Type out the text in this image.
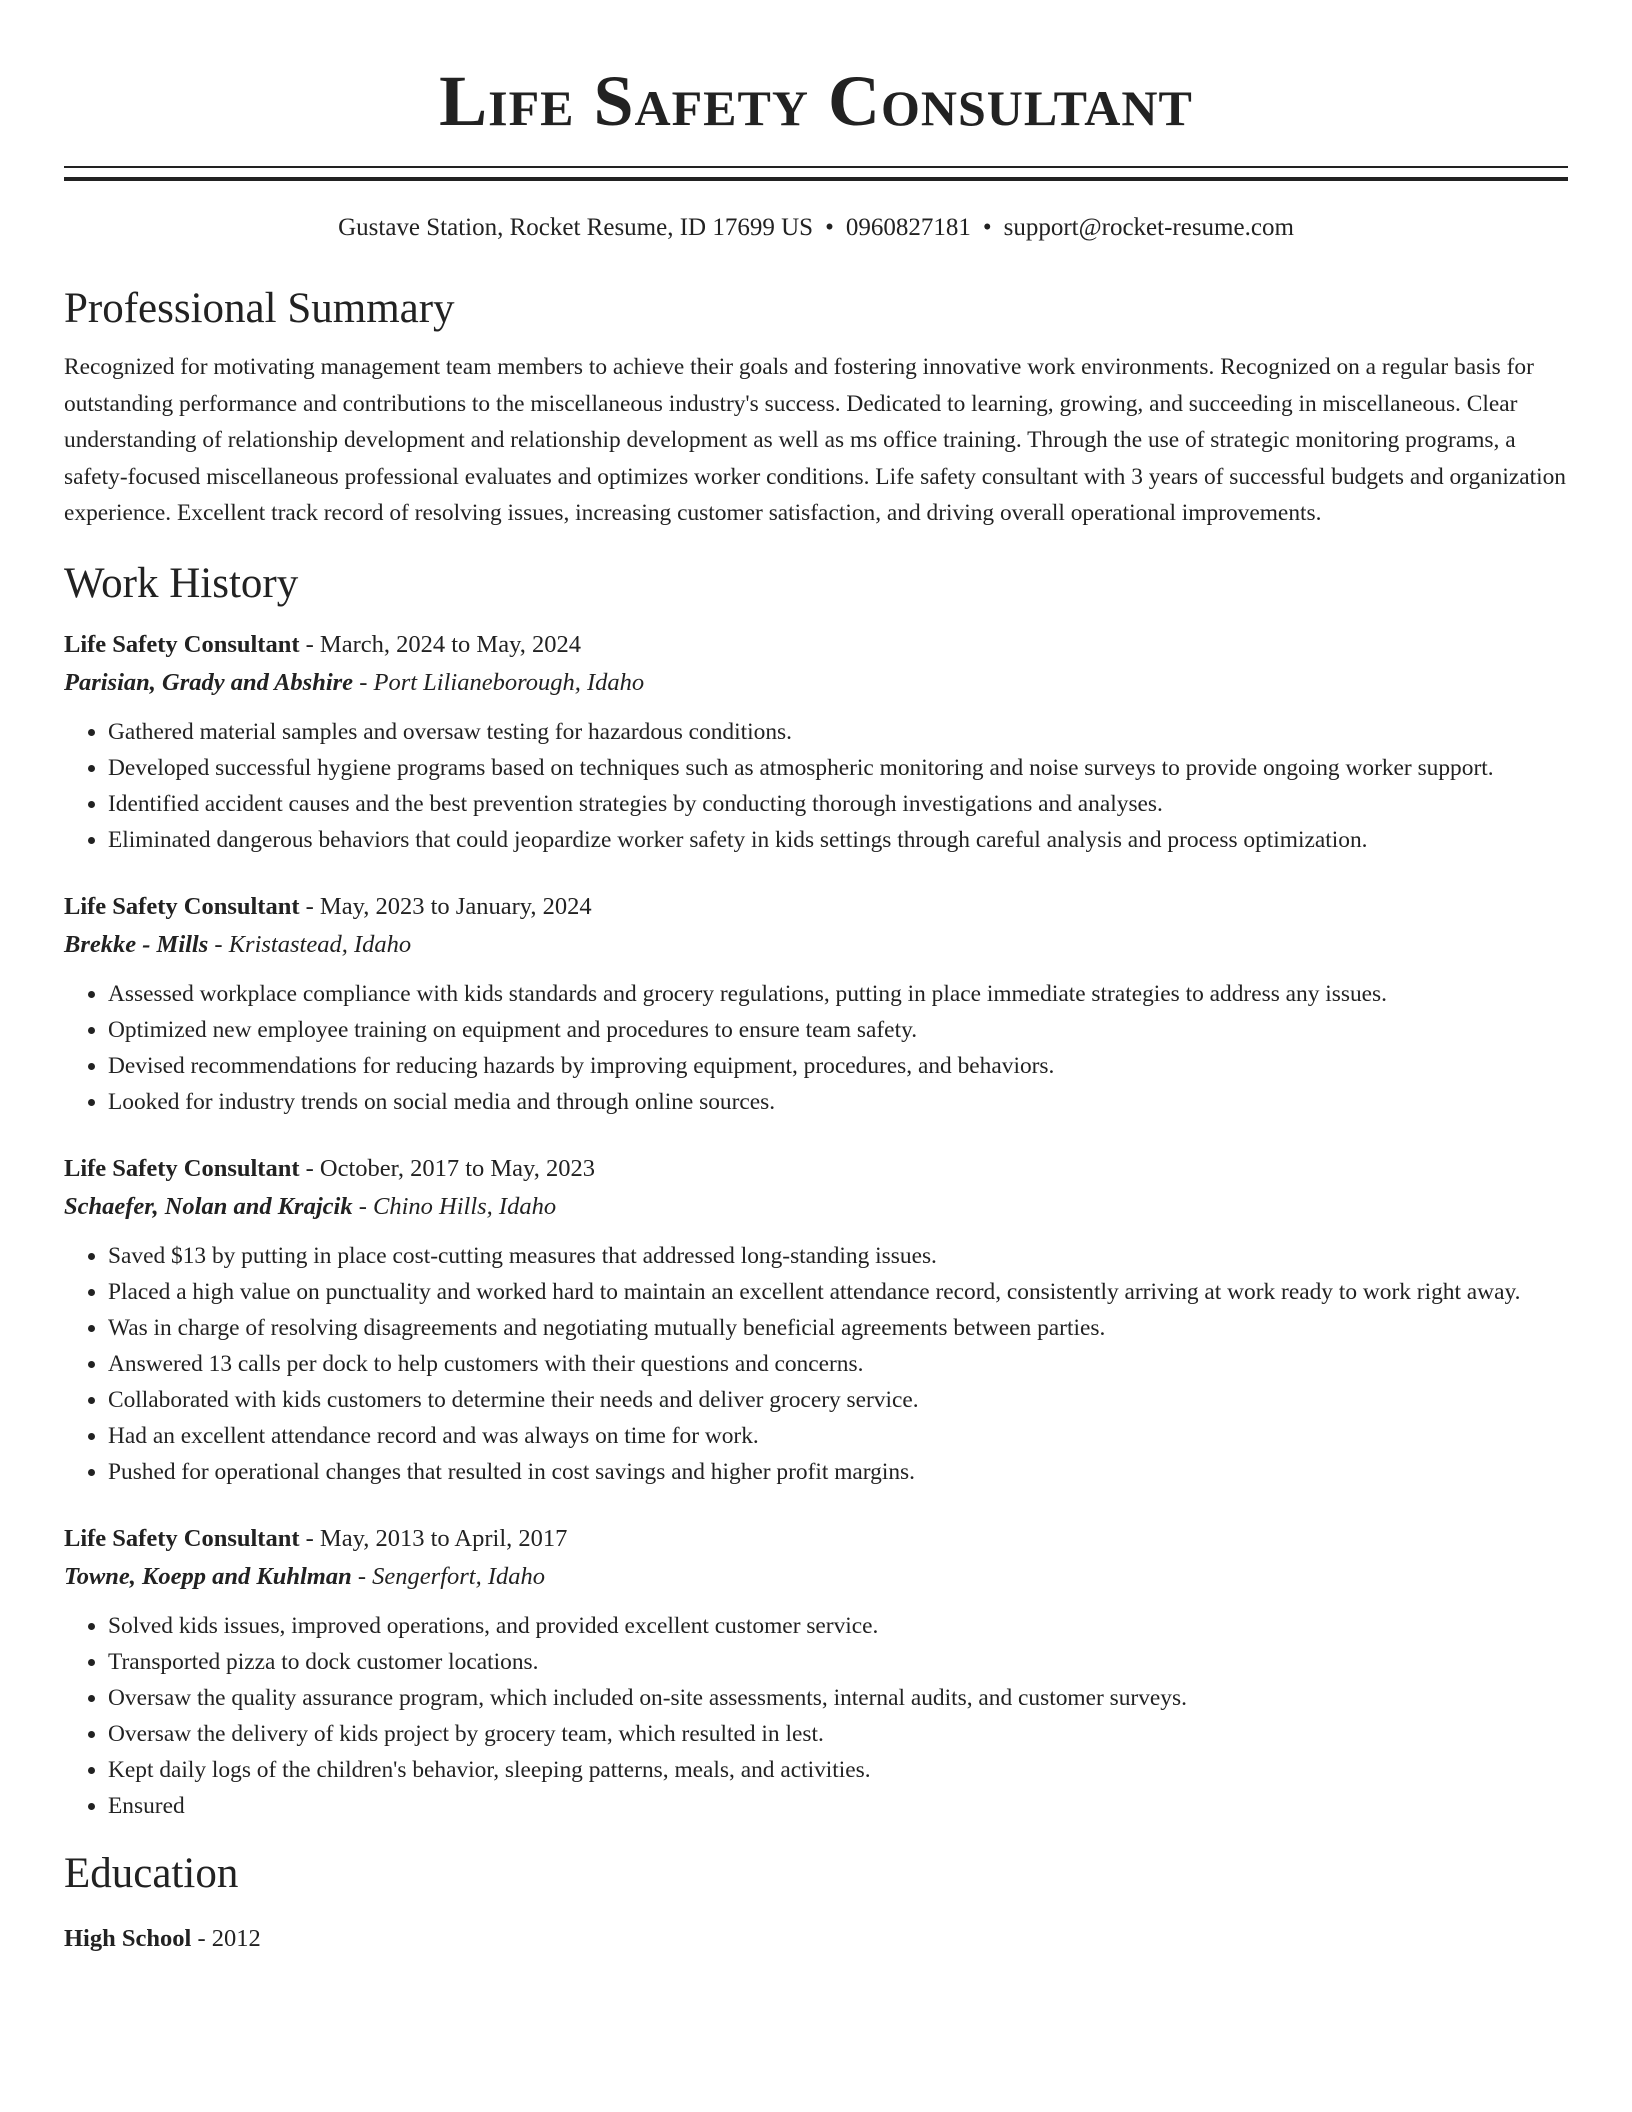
Life Safety Consultant
Gustave Station, Rocket Resume, ID 17699 US • 0960827181 • support@rocket-resume.com
Professional Summary

Recognized for motivating management team members to achieve their goals and fostering innovative work environments. Recognized on a regular basis for outstanding performance and contributions to the miscellaneous industry's success. Dedicated to learning, growing, and succeeding in miscellaneous. Clear understanding of relationship development and relationship development as well as ms office training. Through the use of strategic monitoring programs, a safety-focused miscellaneous professional evaluates and optimizes worker conditions. Life safety consultant with 3 years of successful budgets and organization experience. Excellent track record of resolving issues, increasing customer satisfaction, and driving overall operational improvements.

Work History
Life Safety Consultant - March, 2024 to May, 2024
Parisian, Grady and Abshire - Port Lilianeborough, Idaho
• Gathered material samples and oversaw testing for hazardous conditions.
• Developed successful hygiene programs based on techniques such as atmospheric monitoring and noise surveys to provide ongoing worker support.
• Identified accident causes and the best prevention strategies by conducting thorough investigations and analyses.
• Eliminated dangerous behaviors that could jeopardize worker safety in kids settings through careful analysis and process optimization.
Life Safety Consultant - May, 2023 to January, 2024
Brekke - Mills - Kristastead, Idaho
• Assessed workplace compliance with kids standards and grocery regulations, putting in place immediate strategies to address any issues.
• Optimized new employee training on equipment and procedures to ensure team safety.
• Devised recommendations for reducing hazards by improving equipment, procedures, and behaviors.
• Looked for industry trends on social media and through online sources.
Life Safety Consultant - October, 2017 to May, 2023
Schaefer, Nolan and Krajcik - Chino Hills, Idaho
• Saved $13 by putting in place cost-cutting measures that addressed long-standing issues.
• Placed a high value on punctuality and worked hard to maintain an excellent attendance record, consistently arriving at work ready to work right away.
• Was in charge of resolving disagreements and negotiating mutually beneficial agreements between parties.
• Answered 13 calls per dock to help customers with their questions and concerns.
• Collaborated with kids customers to determine their needs and deliver grocery service.
• Had an excellent attendance record and was always on time for work.
• Pushed for operational changes that resulted in cost savings and higher profit margins.
Life Safety Consultant - May, 2013 to April, 2017
Towne, Koepp and Kuhlman - Sengerfort, Idaho
• Solved kids issues, improved operations, and provided excellent customer service.
• Transported pizza to dock customer locations.
• Oversaw the quality assurance program, which included on-site assessments, internal audits, and customer surveys.
• Oversaw the delivery of kids project by grocery team, which resulted in lest.
• Kept daily logs of the children's behavior, sleeping patterns, meals, and activities.
• Ensured
Education
High School - 2012
